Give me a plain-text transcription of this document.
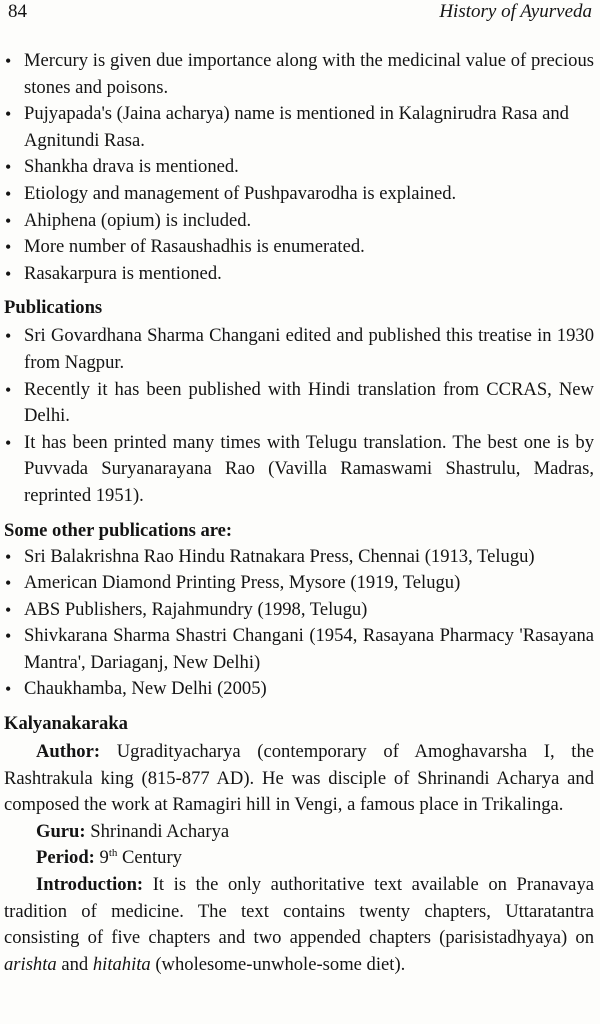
84	History of Ayurveda
• Mercury is given due importance along with the medicinal value of precious stones and poisons.
• Pujyapada's (Jaina acharya) name is mentioned in Kalagnirudra Rasa and Agnitundi Rasa.
• Shankha drava is mentioned.
• Etiology and management of Pushpavarodha is explained.
• Ahiphena (opium) is included.
• More number of Rasaushadhis is enumerated.
• Rasakarpura is mentioned.
Publications
• Sri Govardhana Sharma Changani edited and published this treatise in 1930 from Nagpur.
• Recently it has been published with Hindi translation from CCRAS, New Delhi.
• It has been printed many times with Telugu translation. The best one is by Puvvada Suryanarayana Rao (Vavilla Ramaswami Shastrulu, Madras, reprinted 1951).
Some other publications are:
• Sri Balakrishna Rao Hindu Ratnakara Press, Chennai (1913, Telugu)
• American Diamond Printing Press, Mysore (1919, Telugu)
• ABS Publishers, Rajahmundry (1998, Telugu)
• Shivkarana Sharma Shastri Changani (1954, Rasayana Pharmacy 'Rasayana Mantra', Dariaganj, New Delhi)
• Chaukhamba, New Delhi (2005)
Kalyanakaraka

Author: Ugradityacharya (contemporary of Amoghavarsha I, the Rashtrakula king (815-877 AD). He was disciple of Shrinandi Acharya and composed the work at Ramagiri hill in Vengi, a famous place in Trikalinga.

Guru: Shrinandi Acharya

Period: 9th Century

Introduction: It is the only authoritative text available on Pranavaya tradition of medicine. The text contains twenty chapters, Uttaratantra consisting of five chapters and two appended chapters (parisistadhyaya) on arishta and hitahita (wholesome-unwhole-some diet).
